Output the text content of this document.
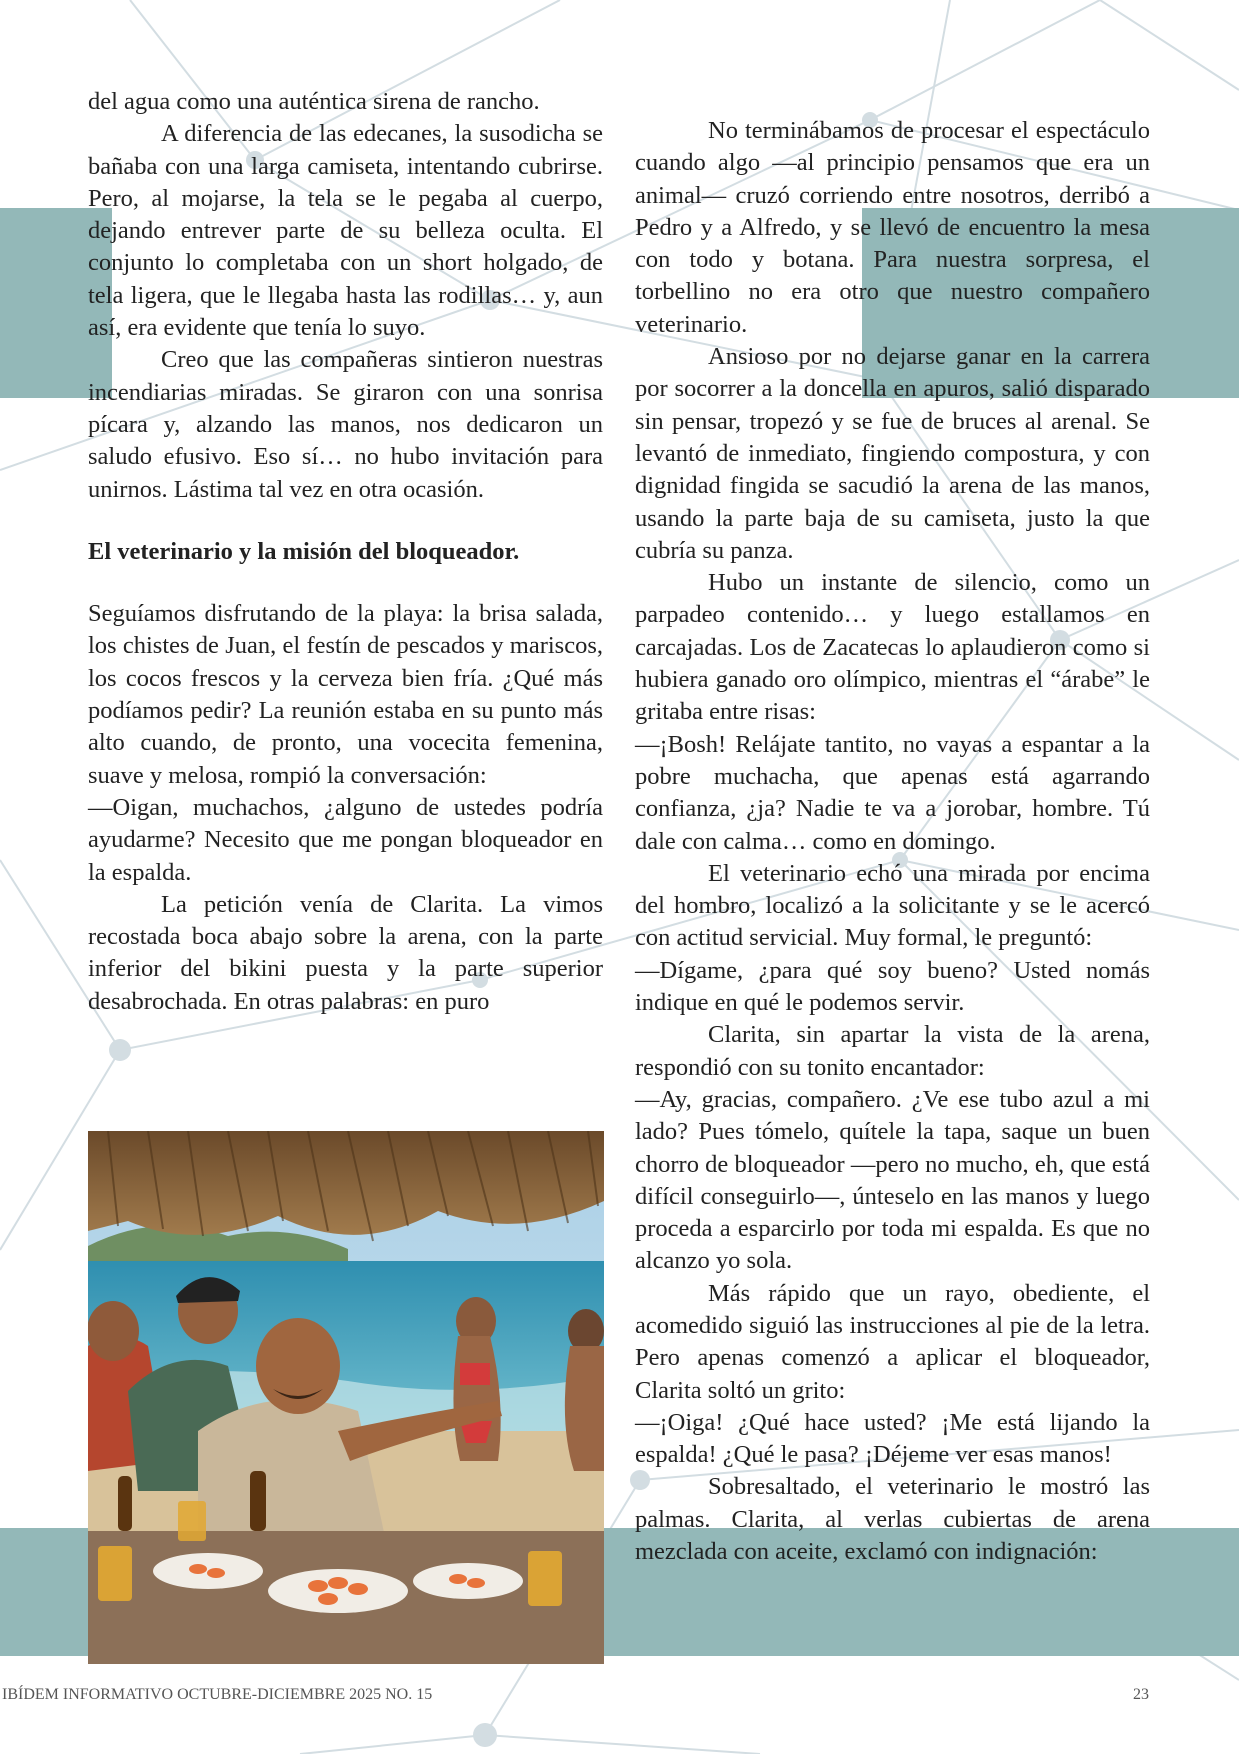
del agua como una auténtica sirena de rancho.

A diferencia de las edecanes, la susodicha se bañaba con una larga camiseta, intentando cubrirse. Pero, al mojarse, la tela se le pegaba al cuerpo, dejando entrever parte de su belleza oculta. El conjunto lo completaba con un short holgado, de tela ligera, que le llegaba hasta las rodillas… y, aun así, era evidente que tenía lo suyo.

Creo que las compañeras sintieron nuestras incendiarias miradas. Se giraron con una sonrisa pícara y, alzando las manos, nos dedicaron un saludo efusivo. Eso sí… no hubo invitación para unirnos. Lástima tal vez en otra ocasión.

El veterinario y la misión del bloqueador.

Seguíamos disfrutando de la playa: la brisa salada, los chistes de Juan, el festín de pescados y mariscos, los cocos frescos y la cerveza bien fría. ¿Qué más podíamos pedir? La reunión estaba en su punto más alto cuando, de pronto, una vocecita femenina, suave y melosa, rompió la conversación:

—Oigan, muchachos, ¿alguno de ustedes podría ayudarme? Necesito que me pongan bloqueador en la espalda.

La petición venía de Clarita. La vimos recostada boca abajo sobre la arena, con la parte inferior del bikini puesta y la parte superior desabrochada. En otras palabras: en puro

No terminábamos de procesar el espectáculo cuando algo —al principio pensamos que era un animal— cruzó corriendo entre nosotros, derribó a Pedro y a Alfredo, y se llevó de encuentro la mesa con todo y botana. Para nuestra sorpresa, el torbellino no era otro que nuestro compañero veterinario.

Ansioso por no dejarse ganar en la carrera por socorrer a la doncella en apuros, salió disparado sin pensar, tropezó y se fue de bruces al arenal. Se levantó de inmediato, fingiendo compostura, y con dignidad fingida se sacudió la arena de las manos, usando la parte baja de su camiseta, justo la que cubría su panza.

Hubo un instante de silencio, como un parpadeo contenido… y luego estallamos en carcajadas. Los de Zacatecas lo aplaudieron como si hubiera ganado oro olímpico, mientras el “árabe” le gritaba entre risas:

—¡Bosh! Relájate tantito, no vayas a espantar a la pobre muchacha, que apenas está agarrando confianza, ¿ja? Nadie te va a jorobar, hombre. Tú dale con calma… como en domingo.

El veterinario echó una mirada por encima del hombro, localizó a la solicitante y se le acercó con actitud servicial. Muy formal, le preguntó:

—Dígame, ¿para qué soy bueno? Usted nomás indique en qué le podemos servir.

Clarita, sin apartar la vista de la arena, respondió con su tonito encantador:

—Ay, gracias, compañero. ¿Ve ese tubo azul a mi lado? Pues tómelo, quítele la tapa, saque un buen chorro de bloqueador —pero no mucho, eh, que está difícil conseguirlo—, únteselo en las manos y luego proceda a esparcirlo por toda mi espalda. Es que no alcanzo yo sola.

Más rápido que un rayo, obediente, el acomedido siguió las instrucciones al pie de la letra. Pero apenas comenzó a aplicar el bloqueador, Clarita soltó un grito:

—¡Oiga! ¿Qué hace usted? ¡Me está lijando la espalda! ¿Qué le pasa? ¡Déjeme ver esas manos!

Sobresaltado, el veterinario le mostró las palmas. Clarita, al verlas cubiertas de arena mezclada con aceite, exclamó con indignación:

IBÍDEM INFORMATIVO OCTUBRE-DICIEMBRE 2025 NO. 15	23
